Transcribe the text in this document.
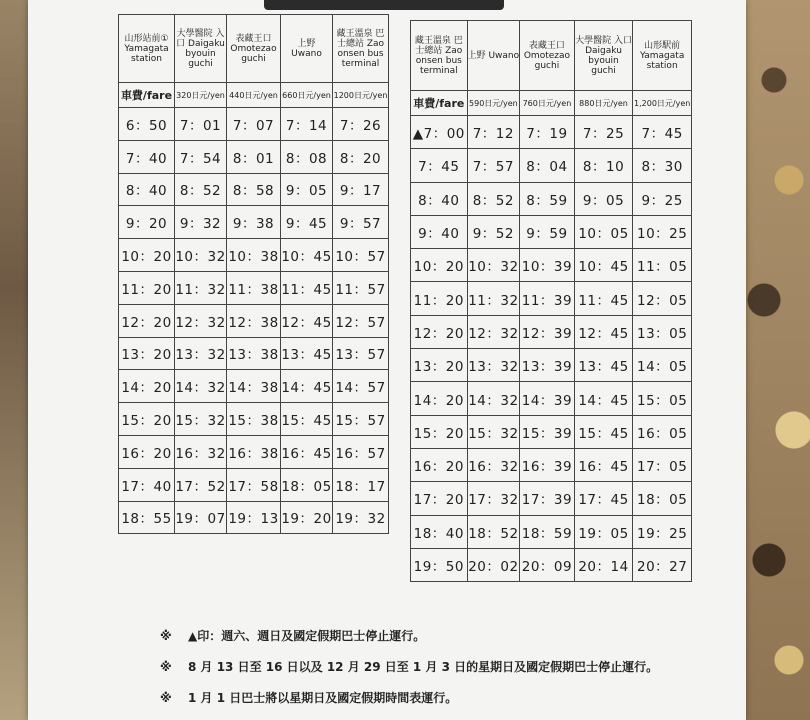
山形站前① Yamagata station	大學醫院 入口 Daigaku byouin guchi	表藏王口 Omotezao guchi	上野 Uwano	藏王溫泉 巴士總站 Zao onsen bus terminal
車費/fare	320日元/yen	440日元/yen	660日元/yen	1200日元/yen
6：50	7：01	7：07	7：14	7：26
7：40	7：54	8：01	8：08	8：20
8：40	8：52	8：58	9：05	9：17
9：20	9：32	9：38	9：45	9：57
10：20	10：32	10：38	10：45	10：57
11：20	11：32	11：38	11：45	11：57
12：20	12：32	12：38	12：45	12：57
13：20	13：32	13：38	13：45	13：57
14：20	14：32	14：38	14：45	14：57
15：20	15：32	15：38	15：45	15：57
16：20	16：32	16：38	16：45	16：57
17：40	17：52	17：58	18：05	18：17
18：55	19：07	19：13	19：20	19：32
藏王溫泉 巴士總站 Zao onsen bus terminal	上野 Uwano	表藏王口 Omotezao guchi	大學醫院 入口 Daigaku byouin guchi	山形駅前 Yamagata station
車費/fare	590日元/yen	760日元/yen	880日元/yen	1,200日元/yen
▲7：00	7：12	7：19	7：25	7：45
7：45	7：57	8：04	8：10	8：30
8：40	8：52	8：59	9：05	9：25
9：40	9：52	9：59	10：05	10：25
10：20	10：32	10：39	10：45	11：05
11：20	11：32	11：39	11：45	12：05
12：20	12：32	12：39	12：45	13：05
13：20	13：32	13：39	13：45	14：05
14：20	14：32	14：39	14：45	15：05
15：20	15：32	15：39	15：45	16：05
16：20	16：32	16：39	16：45	17：05
17：20	17：32	17：39	17：45	18：05
18：40	18：52	18：59	19：05	19：25
19：50	20：02	20：09	20：14	20：27
※	▲印：週六、週日及國定假期巴士停止運行。
※	8 月 13 日至 16 日以及 12 月 29 日至 1 月 3 日的星期日及國定假期巴士停止運行。
※	1 月 1 日巴士將以星期日及國定假期時間表運行。
